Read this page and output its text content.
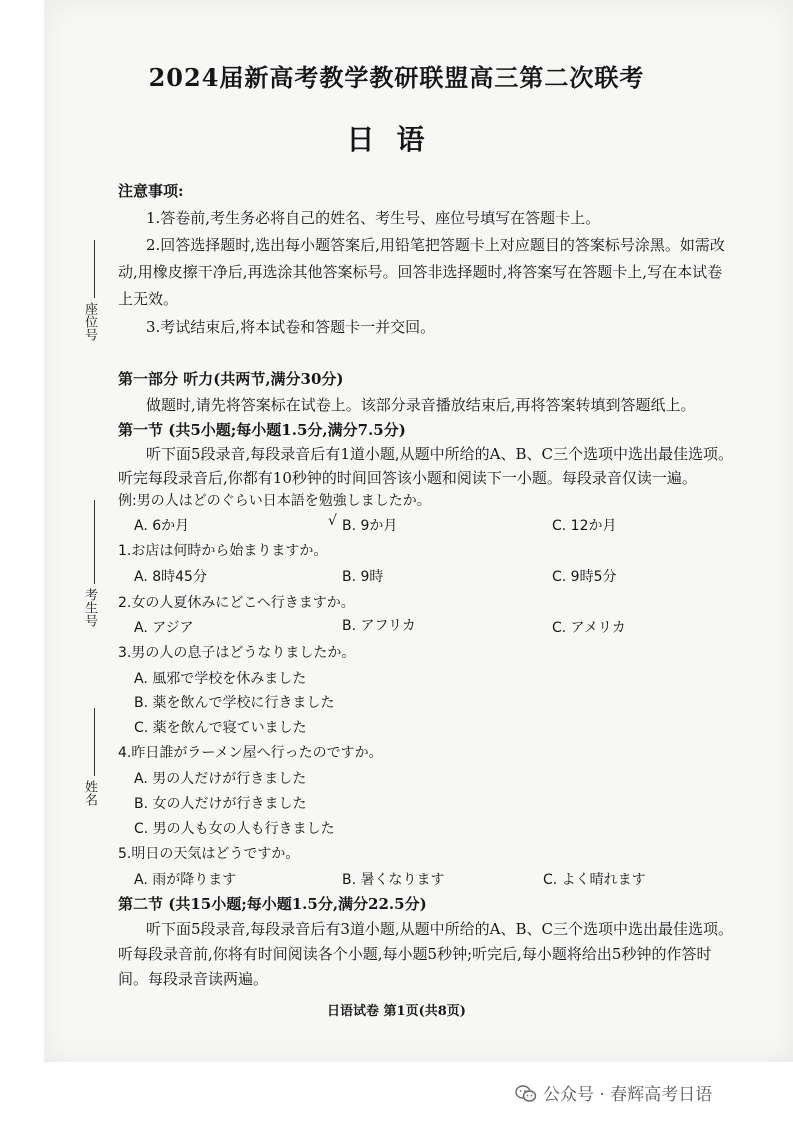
2024届新高考教学教研联盟高三第二次联考
日语
注意事项:
1.答卷前,考生务必将自己的姓名、考生号、座位号填写在答题卡上。
2.回答选择题时,选出每小题答案后,用铅笔把答题卡上对应题目的答案标号涂黑。如需改
动,用橡皮擦干净后,再选涂其他答案标号。回答非选择题时,将答案写在答题卡上,写在本试卷
上无效。
3.考试结束后,将本试卷和答题卡一并交回。
第一部分 听力(共两节,满分30分)
做题时,请先将答案标在试卷上。该部分录音播放结束后,再将答案转填到答题纸上。
第一节 (共5小题;每小题1.5分,满分7.5分)
听下面5段录音,每段录音后有1道小题,从题中所给的A、B、C三个选项中选出最佳选项。
听完每段录音后,你都有10秒钟的时间回答该小题和阅读下一小题。每段录音仅读一遍。
例:男の人はどのぐらい日本語を勉強しましたか。
A. 6か月	√ B. 9か月	C. 12か月
1.お店は何時から始まりますか。
A. 8時45分	B. 9時	C. 9時5分
2.女の人夏休みにどこへ行きますか。
A. アジア	B. アフリカ	C. アメリカ
3.男の人の息子はどうなりましたか。
A. 風邪で学校を休みました
B. 薬を飲んで学校に行きました
C. 薬を飲んで寝ていました
4.昨日誰がラーメン屋へ行ったのですか。
A. 男の人だけが行きました
B. 女の人だけが行きました
C. 男の人も女の人も行きました
5.明日の天気はどうですか。
A. 雨が降ります	B. 暑くなります	C. よく晴れます
第二节 (共15小题;每小题1.5分,满分22.5分)
听下面5段录音,每段录音后有3道小题,从题中所给的A、B、C三个选项中选出最佳选项。
听每段录音前,你将有时间阅读各个小题,每小题5秒钟;听完后,每小题将给出5秒钟的作答时
间。每段录音读两遍。
座位号
考生号
姓名
日语试卷 第1页(共8页)
公众号 · 春辉高考日语
